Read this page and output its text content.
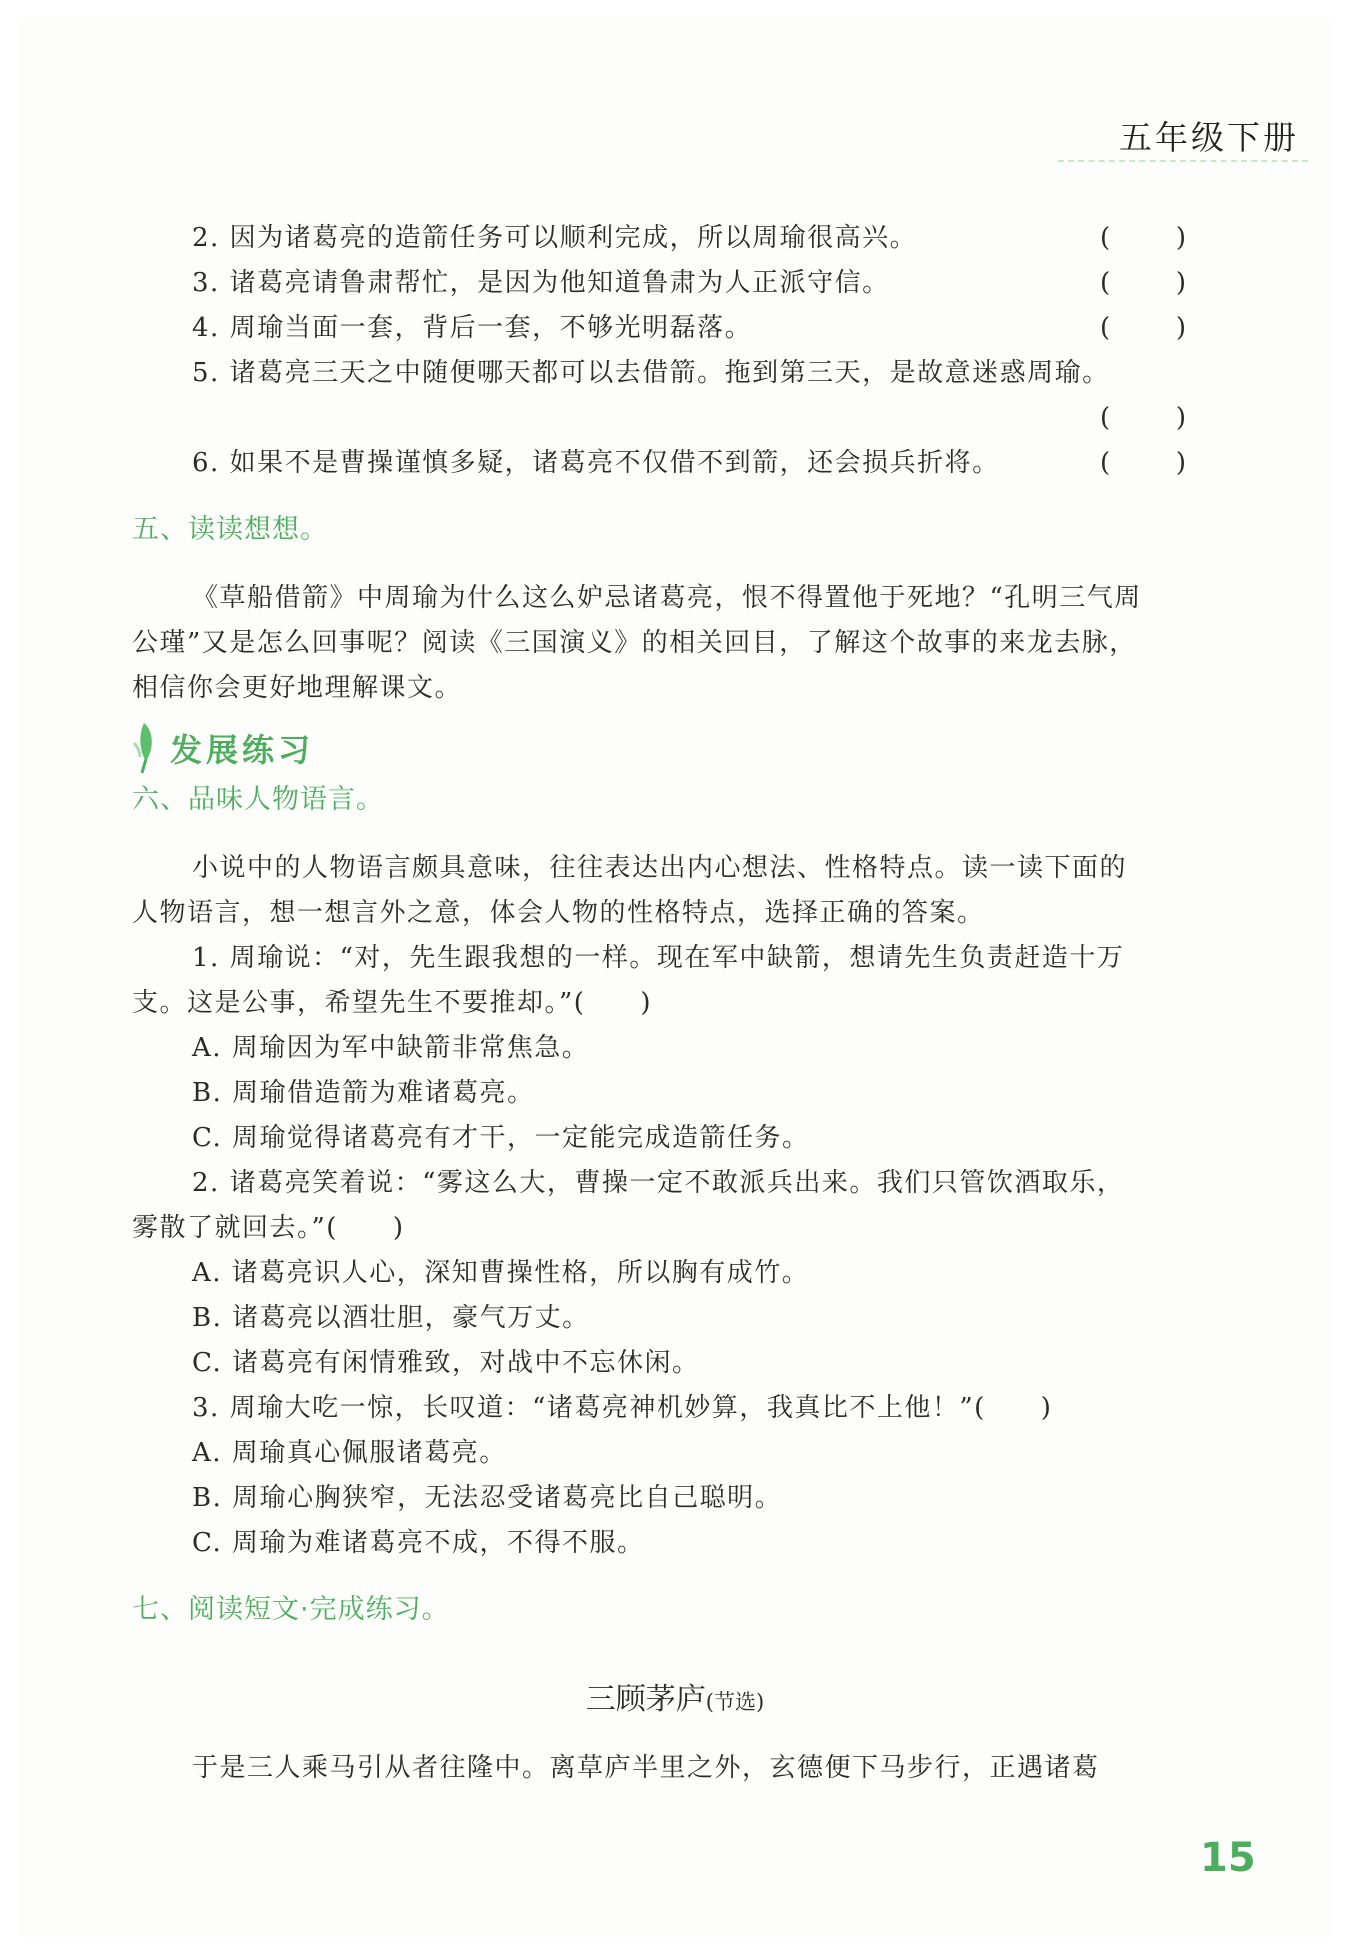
五年级下册
2. 因为诸葛亮的造箭任务可以顺利完成，所以周瑜很高兴。	(	)
3. 诸葛亮请鲁肃帮忙，是因为他知道鲁肃为人正派守信。	(	)
4. 周瑜当面一套，背后一套，不够光明磊落。	(	)
5. 诸葛亮三天之中随便哪天都可以去借箭。拖到第三天，是故意迷惑周瑜。
(	)
6. 如果不是曹操谨慎多疑，诸葛亮不仅借不到箭，还会损兵折将。	(	)
五、读读想想。
《草船借箭》中周瑜为什么这么妒忌诸葛亮，恨不得置他于死地？“孔明三气周
公瑾”又是怎么回事呢？阅读《三国演义》的相关回目，了解这个故事的来龙去脉，
相信你会更好地理解课文。
发展练习
六、品味人物语言。
小说中的人物语言颇具意味，往往表达出内心想法、性格特点。读一读下面的
人物语言，想一想言外之意，体会人物的性格特点，选择正确的答案。
1. 周瑜说：“对，先生跟我想的一样。现在军中缺箭，想请先生负责赶造十万
支。这是公事，希望先生不要推却。”(　　)
A. 周瑜因为军中缺箭非常焦急。
B. 周瑜借造箭为难诸葛亮。
C. 周瑜觉得诸葛亮有才干，一定能完成造箭任务。
2. 诸葛亮笑着说：“雾这么大，曹操一定不敢派兵出来。我们只管饮酒取乐，
雾散了就回去。”(　　)
A. 诸葛亮识人心，深知曹操性格，所以胸有成竹。
B. 诸葛亮以酒壮胆，豪气万丈。
C. 诸葛亮有闲情雅致，对战中不忘休闲。
3. 周瑜大吃一惊，长叹道：“诸葛亮神机妙算，我真比不上他！”(　　)
A. 周瑜真心佩服诸葛亮。
B. 周瑜心胸狭窄，无法忍受诸葛亮比自己聪明。
C. 周瑜为难诸葛亮不成，不得不服。
七、阅读短文·完成练习。
三顾茅庐(节选)
于是三人乘马引从者往隆中。离草庐半里之外，玄德便下马步行，正遇诸葛
15
